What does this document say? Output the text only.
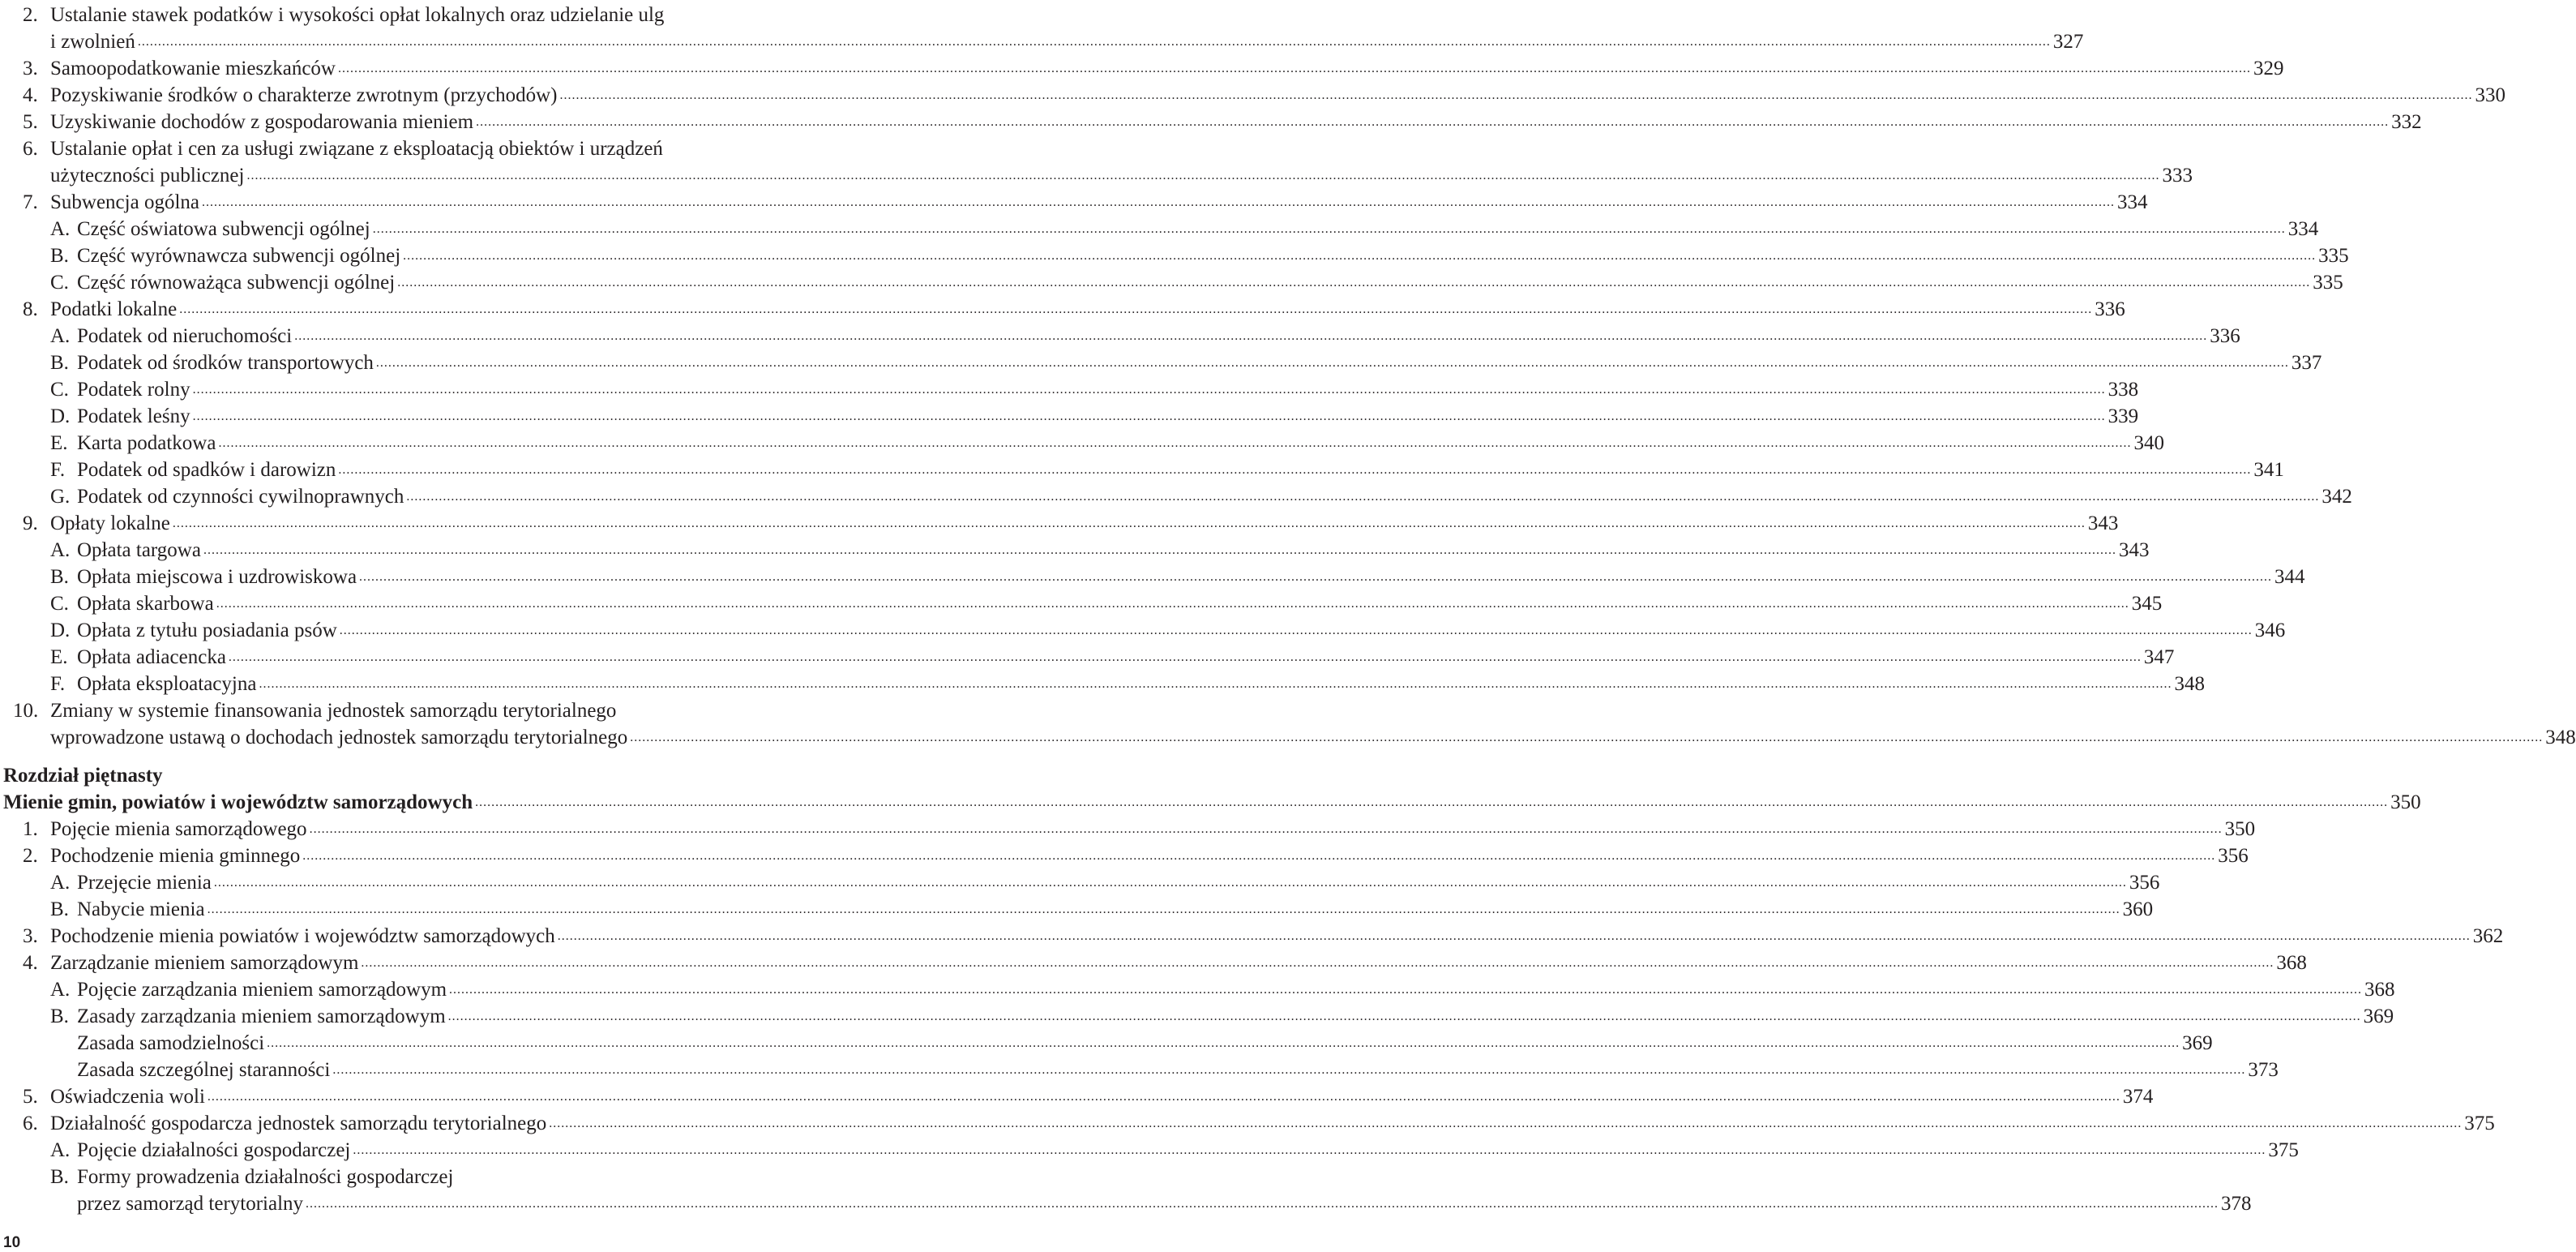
2. Ustalanie stawek podatków i wysokości opłat lokalnych oraz udzielanie ulg
i zwolnień .....	327
3. Samoopodatkowanie mieszkańców .....	329
4. Pozyskiwanie środków o charakterze zwrotnym (przychodów) .....	330
5. Uzyskiwanie dochodów z gospodarowania mieniem .....	332
6. Ustalanie opłat i cen za usługi związane z eksploatacją obiektów i urządzeń
użyteczności publicznej .....	333
7. Subwencja ogólna .....	334
A. Część oświatowa subwencji ogólnej .....	334
B. Część wyrównawcza subwencji ogólnej .....	335
C. Część równoważąca subwencji ogólnej .....	335
8. Podatki lokalne .....	336
A. Podatek od nieruchomości .....	336
B. Podatek od środków transportowych .....	337
C. Podatek rolny .....	338
D. Podatek leśny .....	339
E. Karta podatkowa .....	340
F. Podatek od spadków i darowizn .....	341
G. Podatek od czynności cywilnoprawnych .....	342
9. Opłaty lokalne .....	343
A. Opłata targowa .....	343
B. Opłata miejscowa i uzdrowiskowa .....	344
C. Opłata skarbowa .....	345
D. Opłata z tytułu posiadania psów .....	346
E. Opłata adiacencka .....	347
F. Opłata eksploatacyjna .....	348
10. Zmiany w systemie finansowania jednostek samorządu terytorialnego
wprowadzone ustawą o dochodach jednostek samorządu terytorialnego .....	348
Rozdział piętnasty
Mienie gmin, powiatów i województw samorządowych .....	350
1. Pojęcie mienia samorządowego .....	350
2. Pochodzenie mienia gminnego .....	356
A. Przejęcie mienia .....	356
B. Nabycie mienia .....	360
3. Pochodzenie mienia powiatów i województw samorządowych .....	362
4. Zarządzanie mieniem samorządowym .....	368
A. Pojęcie zarządzania mieniem samorządowym .....	368
B. Zasady zarządzania mieniem samorządowym .....	369
Zasada samodzielności .....	369
Zasada szczególnej staranności .....	373
5. Oświadczenia woli .....	374
6. Działalność gospodarcza jednostek samorządu terytorialnego .....	375
A. Pojęcie działalności gospodarczej .....	375
B. Formy prowadzenia działalności gospodarczej
przez samorząd terytorialny .....	378
10
